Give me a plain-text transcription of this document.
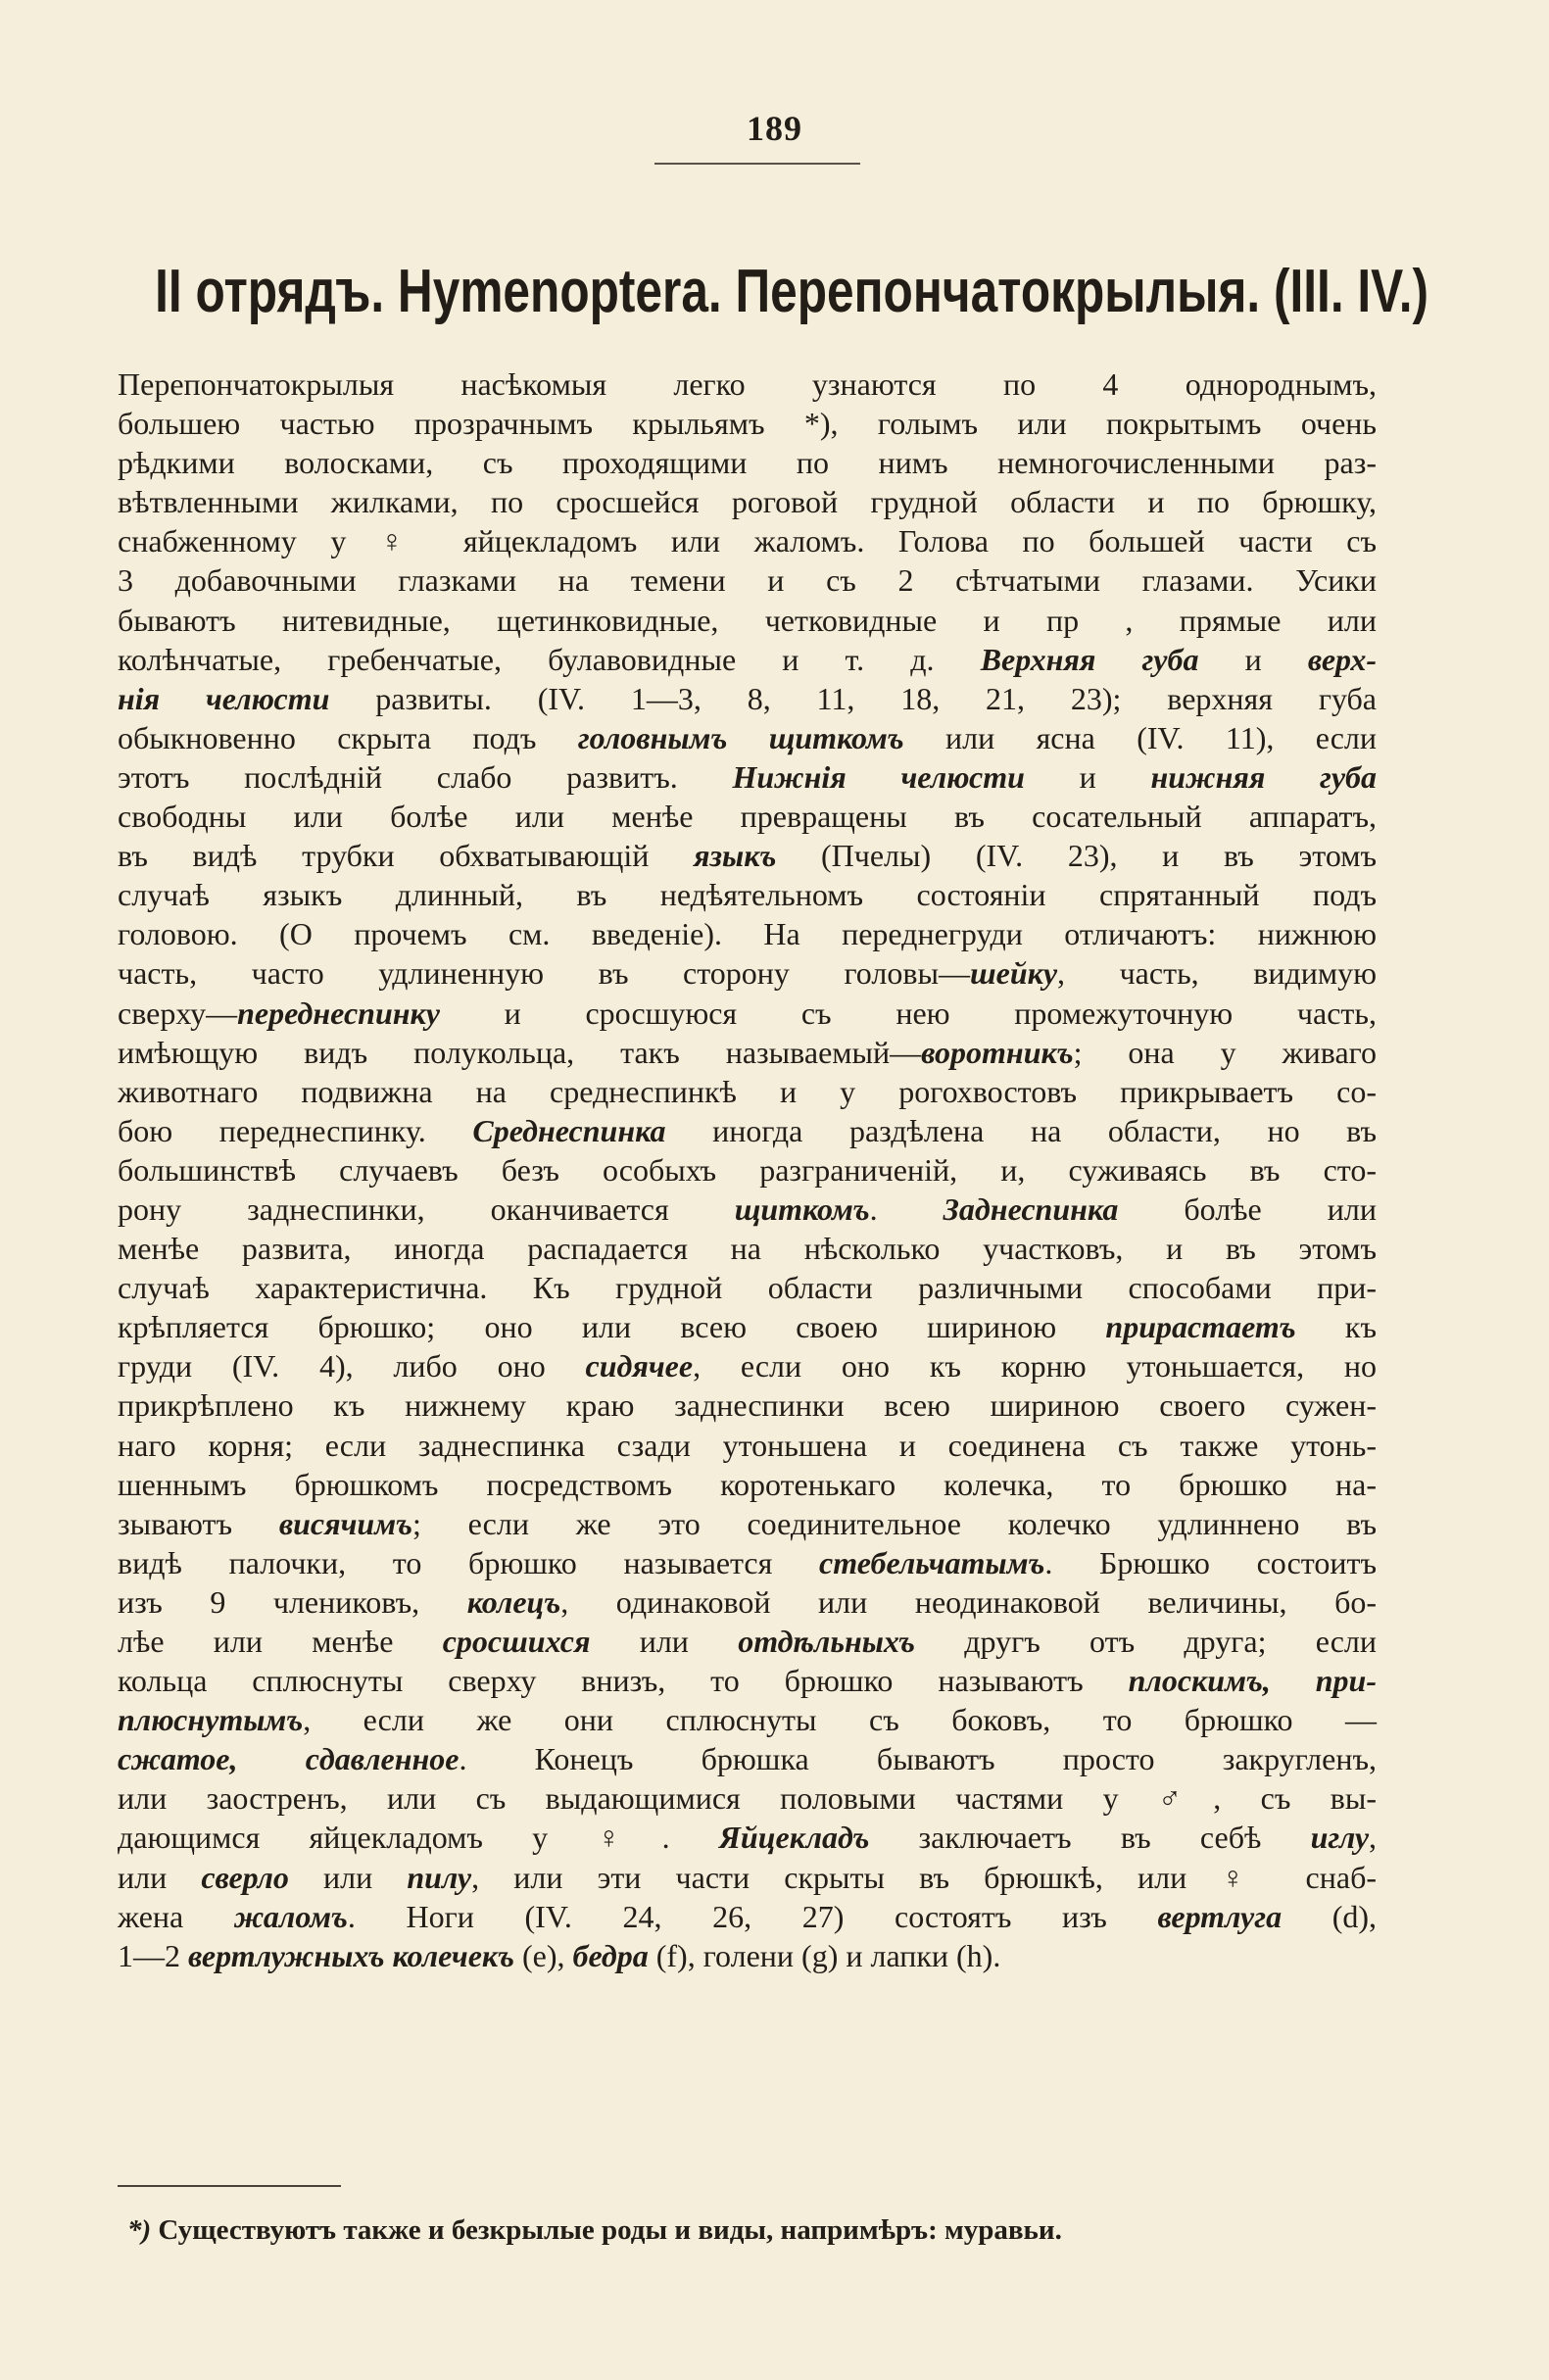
189
II отрядъ. Hymenoptera. Перепончатокрылыя. (III. IV.)
Перепончатокрылыя насѣкомыя легко узнаются по 4 однороднымъ,
большею частью прозрачнымъ крыльямъ *), голымъ или покрытымъ очень
рѣдкими волосками, съ проходящими по нимъ немногочисленными раз-
вѣтвленными жилками, по сросшейся роговой грудной области и по брюшку,
снабженному у ♀ яйцекладомъ или жаломъ. Голова по большей части съ
3 добавочными глазками на темени и съ 2 сѣтчатыми глазами. Усики
бываютъ нитевидные, щетинковидные, четковидные и пр , прямые или
колѣнчатые, гребенчатые, булавовидные и т. д. Верхняя губа и верх-
нія челюсти развиты. (IV. 1—3, 8, 11, 18, 21, 23); верхняя губа
обыкновенно скрыта подъ головнымъ щиткомъ или ясна (IV. 11), если
этотъ послѣдній слабо развитъ. Нижнія челюсти и нижняя губа
свободны или болѣе или менѣе превращены въ сосательный аппаратъ,
въ видѣ трубки обхватывающій языкъ (Пчелы) (IV. 23), и въ этомъ
случаѣ языкъ длинный, въ недѣятельномъ состояніи спрятанный подъ
головою. (О прочемъ см. введеніе). На переднегруди отличаютъ: нижнюю
часть, часто удлиненную въ сторону головы—шейку, часть, видимую
сверху—переднеспинку и сросшуюся съ нею промежуточную часть,
имѣющую видъ полукольца, такъ называемый—воротникъ; она у живаго
животнаго подвижна на среднеспинкѣ и у рогохвостовъ прикрываетъ со-
бою переднеспинку. Среднеспинка иногда раздѣлена на области, но въ
большинствѣ случаевъ безъ особыхъ разграниченій, и, суживаясь въ сто-
рону заднеспинки, оканчивается щиткомъ. Заднеспинка болѣе или
менѣе развита, иногда распадается на нѣсколько участковъ, и въ этомъ
случаѣ характеристична. Къ грудной области различными способами при-
крѣпляется брюшко; оно или всею своею шириною прирастаетъ къ
груди (IV. 4), либо оно сидячее, если оно къ корню утоньшается, но
прикрѣплено къ нижнему краю заднеспинки всею шириною своего сужен-
наго корня; если заднеспинка сзади утоньшена и соединена съ также утонь-
шеннымъ брюшкомъ посредствомъ коротенькаго колечка, то брюшко на-
зываютъ висячимъ; если же это соединительное колечко удлиннено въ
видѣ палочки, то брюшко называется стебельчатымъ. Брюшко состоитъ
изъ 9 члениковъ, колецъ, одинаковой или неодинаковой величины, бо-
лѣе или менѣе сросшихся или отдѣльныхъ другъ отъ друга; если
кольца сплюснуты сверху внизъ, то брюшко называютъ плоскимъ, при-
плюснутымъ, если же они сплюснуты съ боковъ, то брюшко —
сжатое, сдавленное. Конецъ брюшка бываютъ просто закругленъ,
или заостренъ, или съ выдающимися половыми частями у ♂, съ вы-
дающимся яйцекладомъ у ♀. Яйцекладъ заключаетъ въ себѣ иглу,
или сверло или пилу, или эти части скрыты въ брюшкѣ, или ♀ снаб-
жена жаломъ. Ноги (IV. 24, 26, 27) состоятъ изъ вертлуга (d),
1—2 вертлужныхъ колечекъ (e), бедра (f), голени (g) и лапки (h).
*) Существуютъ также и безкрылые роды и виды, напримѣръ: муравьи.
